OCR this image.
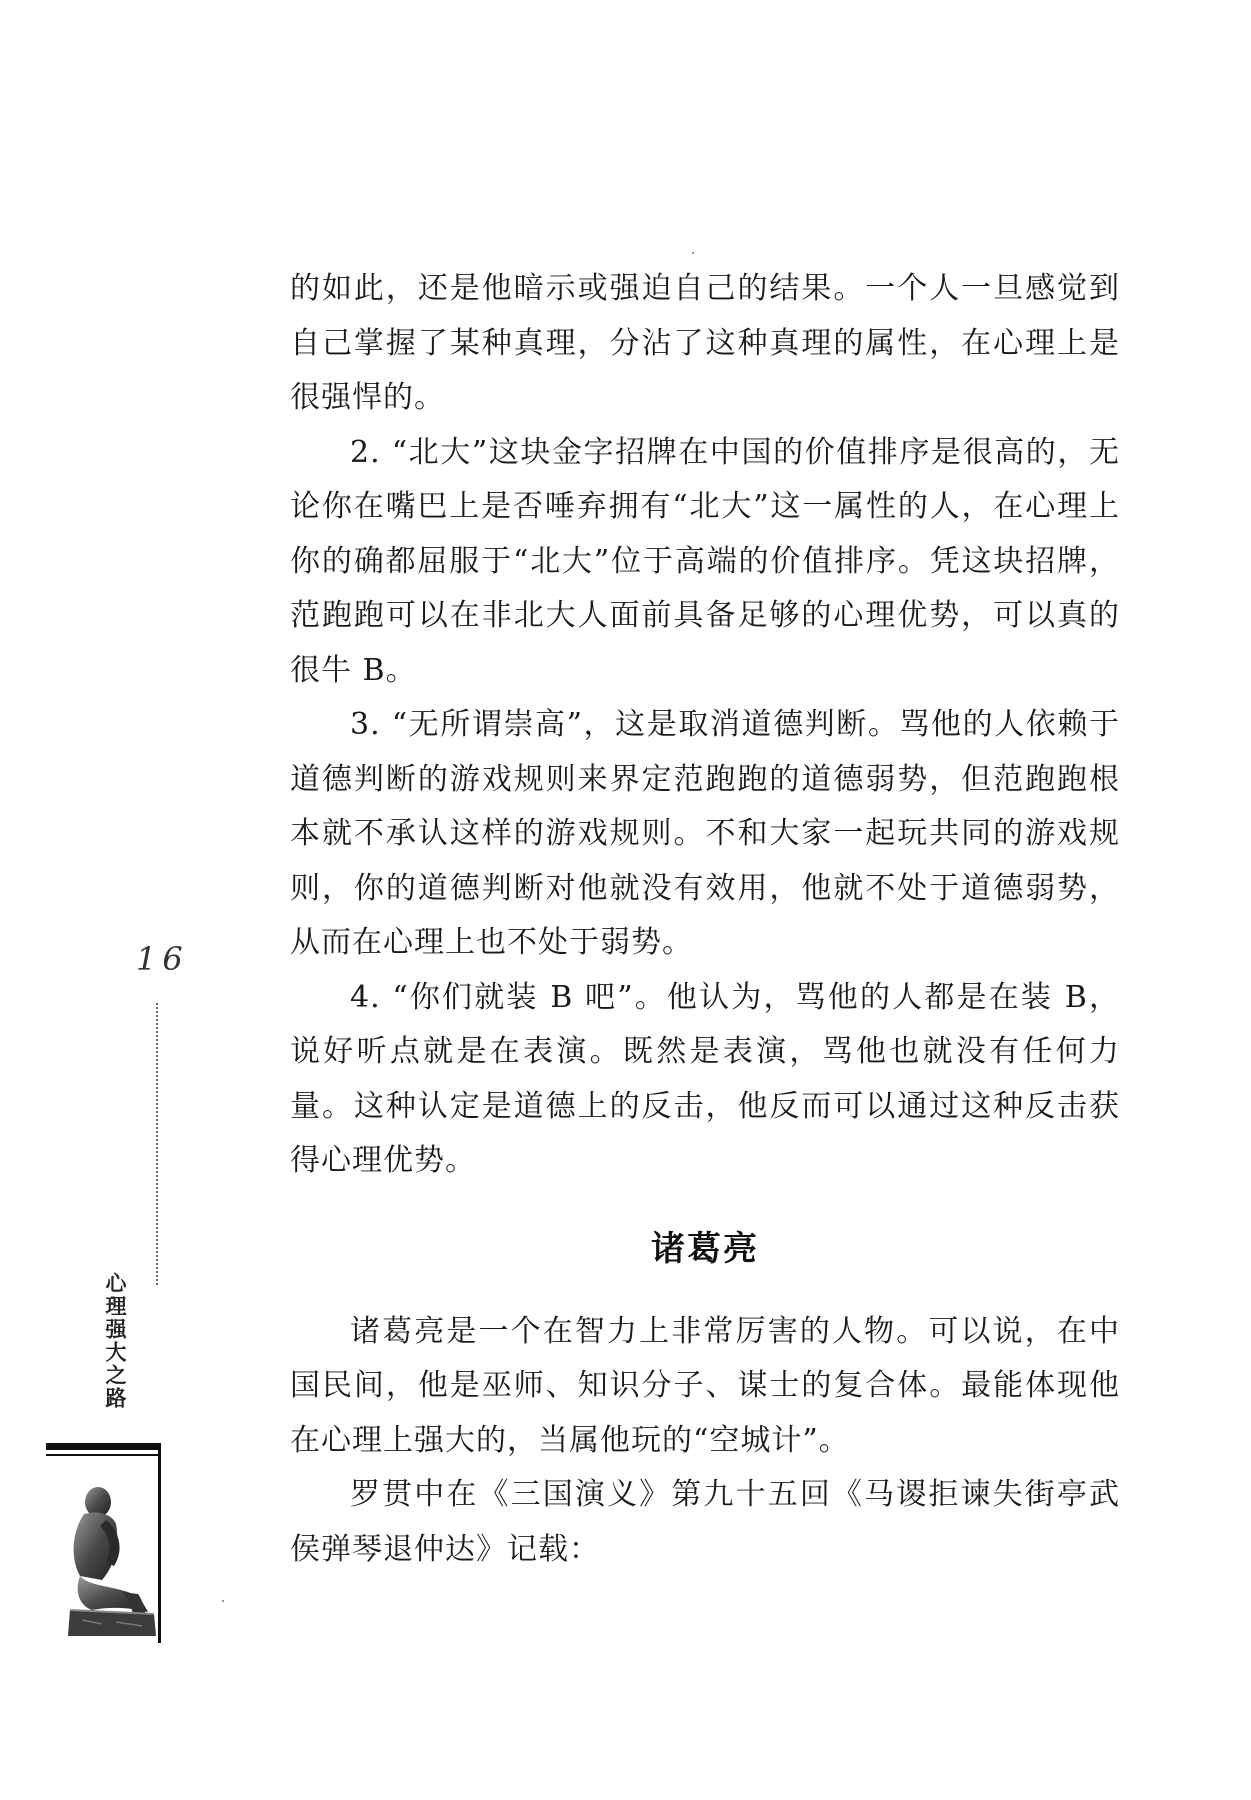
的如此，还是他暗示或强迫自己的结果。一个人一旦感觉到自己掌握了某种真理，分沾了这种真理的属性，在心理上是很强悍的。

2. “北大”这块金字招牌在中国的价值排序是很高的，无论你在嘴巴上是否唾弃拥有“北大”这一属性的人，在心理上你的确都屈服于“北大”位于高端的价值排序。凭这块招牌，范跑跑可以在非北大人面前具备足够的心理优势，可以真的很牛 B。

3. “无所谓崇高”，这是取消道德判断。骂他的人依赖于道德判断的游戏规则来界定范跑跑的道德弱势，但范跑跑根本就不承认这样的游戏规则。不和大家一起玩共同的游戏规则，你的道德判断对他就没有效用，他就不处于道德弱势，从而在心理上也不处于弱势。

4. “你们就装 B 吧”。他认为，骂他的人都是在装 B，说好听点就是在表演。既然是表演，骂他也就没有任何力量。这种认定是道德上的反击，他反而可以通过这种反击获得心理优势。

诸葛亮

诸葛亮是一个在智力上非常厉害的人物。可以说，在中国民间，他是巫师、知识分子、谋士的复合体。最能体现他在心理上强大的，当属他玩的“空城计”。

罗贯中在《三国演义》第九十五回《马谡拒谏失街亭武侯弹琴退仲达》记载：

16
心理强大之路
